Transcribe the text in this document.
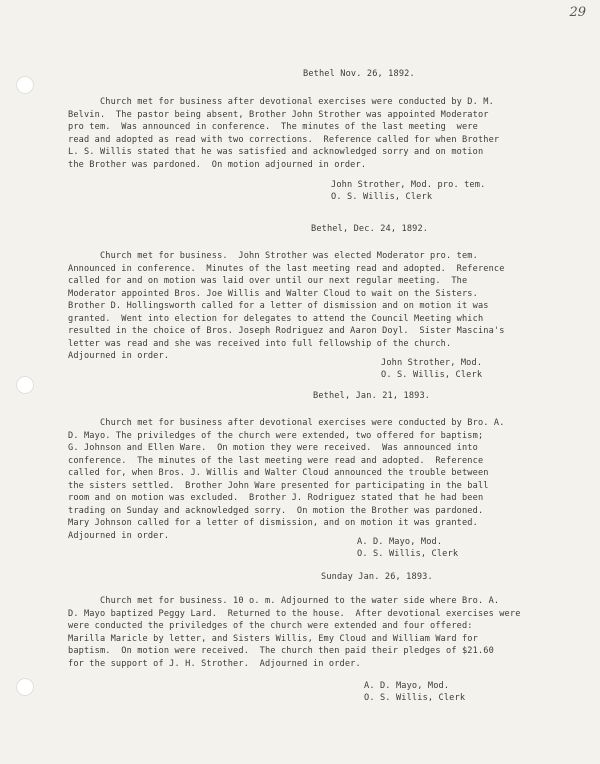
29
Bethel Nov. 26, 1892.
Church met for business after devotional exercises were conducted by D. M.
Belvin.  The pastor being absent, Brother John Strother was appointed Moderator
pro tem.  Was announced in conference.  The minutes of the last meeting  were
read and adopted as read with two corrections.  Reference called for when Brother
L. S. Willis stated that he was satisfied and acknowledged sorry and on motion
the Brother was pardoned.  On motion adjourned in order.
John Strother, Mod. pro. tem.
O. S. Willis, Clerk
Bethel, Dec. 24, 1892.
Church met for business.  John Strother was elected Moderator pro. tem.
Announced in conference.  Minutes of the last meeting read and adopted.  Reference
called for and on motion was laid over until our next regular meeting.  The
Moderator appointed Bros. Joe Willis and Walter Cloud to wait on the Sisters.
Brother D. Hollingsworth called for a letter of dismission and on motion it was
granted.  Went into election for delegates to attend the Council Meeting which
resulted in the choice of Bros. Joseph Rodriguez and Aaron Doyl.  Sister Mascina's
letter was read and she was received into full fellowship of the church.
Adjourned in order.
John Strother, Mod.
O. S. Willis, Clerk
Bethel, Jan. 21, 1893.
Church met for business after devotional exercises were conducted by Bro. A.
D. Mayo. The priviledges of the church were extended, two offered for baptism;
G. Johnson and Ellen Ware.  On motion they were received.  Was announced into
conference.  The minutes of the last meeting were read and adopted.  Reference
called for, when Bros. J. Willis and Walter Cloud announced the trouble between
the sisters settled.  Brother John Ware presented for participating in the ball
room and on motion was excluded.  Brother J. Rodriguez stated that he had been
trading on Sunday and acknowledged sorry.  On motion the Brother was pardoned.
Mary Johnson called for a letter of dismission, and on motion it was granted.
Adjourned in order.
A. D. Mayo, Mod.
O. S. Willis, Clerk
Sunday Jan. 26, 1893.
Church met for business. 10 o. m. Adjourned to the water side where Bro. A.
D. Mayo baptized Peggy Lard.  Returned to the house.  After devotional exercises were
were conducted the priviledges of the church were extended and four offered:
Marilla Maricle by letter, and Sisters Willis, Emy Cloud and William Ward for
baptism.  On motion were received.  The church then paid their pledges of $21.60
for the support of J. H. Strother.  Adjourned in order.
A. D. Mayo, Mod.
O. S. Willis, Clerk
